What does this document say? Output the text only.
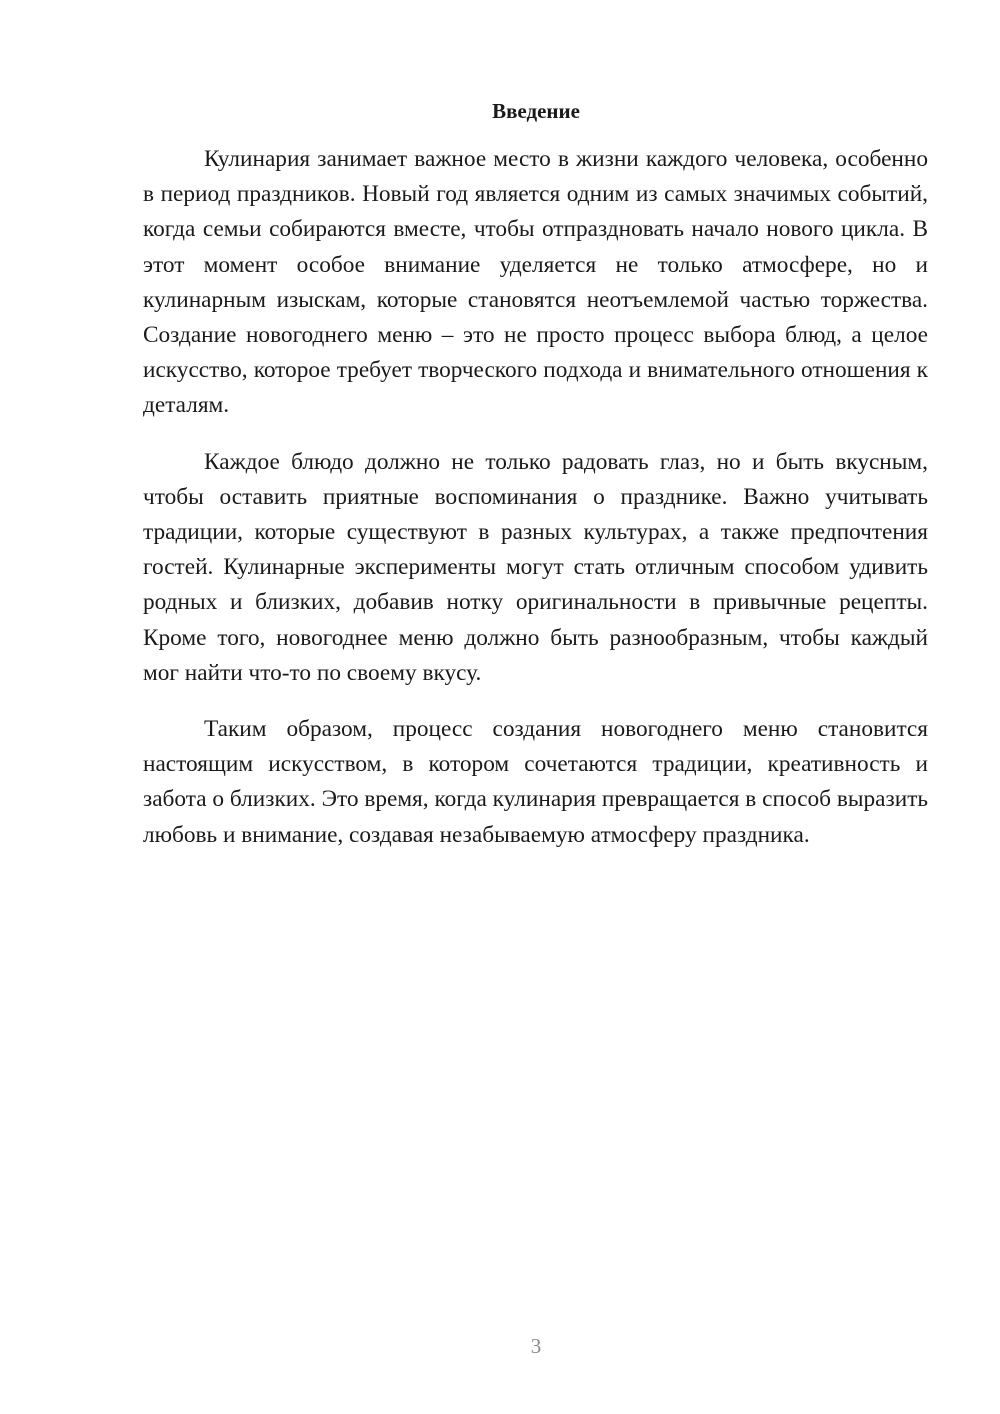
Введение

Кулинария занимает важное место в жизни каждого человека, особенно в период праздников. Новый год является одним из самых значимых событий, когда семьи собираются вместе, чтобы отпраздновать начало нового цикла. В этот момент особое внимание уделяется не только атмосфере, но и кулинарным изыскам, которые становятся неотъемлемой частью торжества. Создание новогоднего меню – это не просто процесс выбора блюд, а целое искусство, которое требует творческого подхода и внимательного отношения к деталям.

Каждое блюдо должно не только радовать глаз, но и быть вкусным, чтобы оставить приятные воспоминания о празднике. Важно учитывать традиции, которые существуют в разных культурах, а также предпочтения гостей. Кулинарные эксперименты могут стать отличным способом удивить родных и близких, добавив нотку оригинальности в привычные рецепты. Кроме того, новогоднее меню должно быть разнообразным, чтобы каждый мог найти что-то по своему вкусу.

Таким образом, процесс создания новогоднего меню становится настоящим искусством, в котором сочетаются традиции, креативность и забота о близких. Это время, когда кулинария превращается в способ выразить любовь и внимание, создавая незабываемую атмосферу праздника.

3
